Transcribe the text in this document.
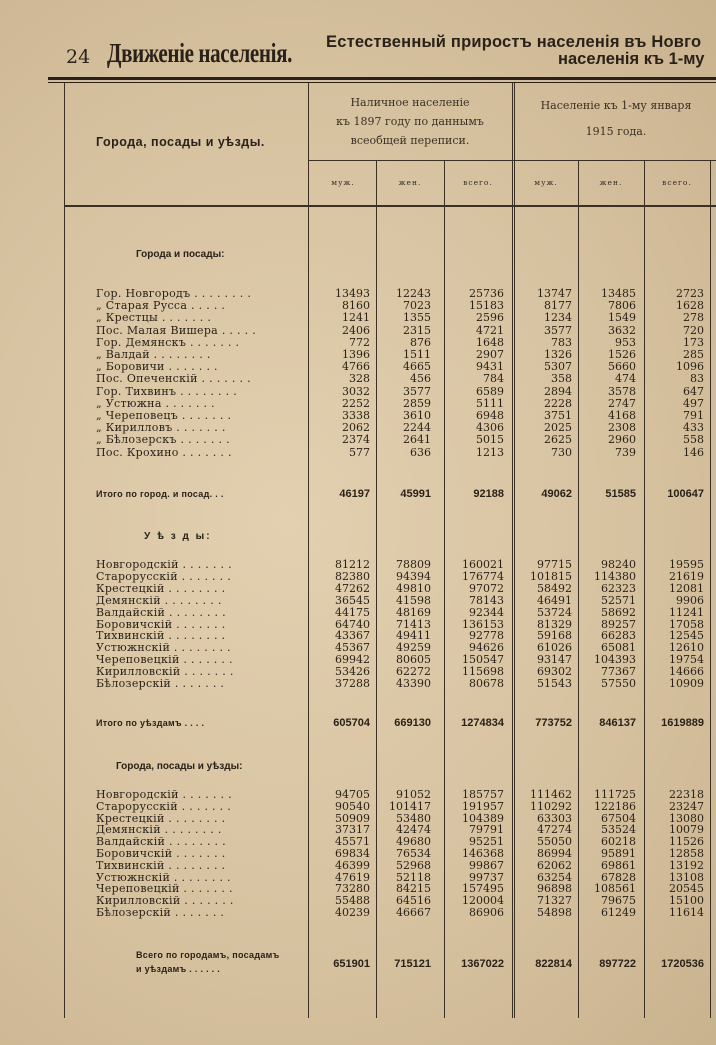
24 Движеніе населенія. Естественный приростъ населенія въ Новго
населенія къ 1-му
Города, посады и уѣзды.
Наличное населеніе
къ 1897 году по даннымъ
всеобщей переписи.
Населеніе къ 1-му января
1915 года.
муж.	жен.	всего.	муж.	жен.	всего.
Города и посады:
У ѣ з д ы:
Города, посады и уѣзды:
Гор. Новгородъ . . . . . . . .	13493	12243	25736	13747	13485	2723
„ Старая Русса . . . . .	8160	7023	15183	8177	7806	1628
„ Крестцы . . . . . . .	1241	1355	2596	1234	1549	278
Пос. Малая Вишера . . . . .	2406	2315	4721	3577	3632	720
Гор. Демянскъ . . . . . . .	772	876	1648	783	953	173
„ Валдай . . . . . . . .	1396	1511	2907	1326	1526	285
„ Боровичи . . . . . . .	4766	4665	9431	5307	5660	1096
Пос. Опеченскій . . . . . . .	328	456	784	358	474	83
Гор. Тихвинъ . . . . . . . .	3032	3577	6589	2894	3578	647
„ Устюжна . . . . . . .	2252	2859	5111	2228	2747	497
„ Череповецъ . . . . . . .	3338	3610	6948	3751	4168	791
„ Кирилловъ . . . . . . .	2062	2244	4306	2025	2308	433
„ Бѣлозерскъ . . . . . . .	2374	2641	5015	2625	2960	558
Пос. Крохино . . . . . . .	577	636	1213	730	739	146
Итого по город. и посад. . .	46197	45991	92188	49062	51585	100647
Новгородскій . . . . . . .	81212	78809	160021	97715	98240	19595
Старорусскій . . . . . . .	82380	94394	176774	101815	114380	21619
Крестецкій . . . . . . . .	47262	49810	97072	58492	62323	12081
Демянскій . . . . . . . .	36545	41598	78143	46491	52571	9906
Валдайскій . . . . . . . .	44175	48169	92344	53724	58692	11241
Боровичскій . . . . . . .	64740	71413	136153	81329	89257	17058
Тихвинскій . . . . . . . .	43367	49411	92778	59168	66283	12545
Устюжнскій . . . . . . . .	45367	49259	94626	61026	65081	12610
Череповецкій . . . . . . .	69942	80605	150547	93147	104393	19754
Кирилловскій . . . . . . .	53426	62272	115698	69302	77367	14666
Бѣлозерскій . . . . . . .	37288	43390	80678	51543	57550	10909
Итого по уѣздамъ . . . .	605704	669130	1274834	773752	846137	1619889
Новгородскій . . . . . . .	94705	91052	185757	111462	111725	22318
Старорусскій . . . . . . .	90540	101417	191957	110292	122186	23247
Крестецкій . . . . . . . .	50909	53480	104389	63303	67504	13080
Демянскій . . . . . . . .	37317	42474	79791	47274	53524	10079
Валдайскій . . . . . . . .	45571	49680	95251	55050	60218	11526
Боровичскій . . . . . . .	69834	76534	146368	86994	95891	12858
Тихвинскій . . . . . . . .	46399	52968	99867	62062	69861	13192
Устюжнскій . . . . . . . .	47619	52118	99737	63254	67828	13108
Череповецкій . . . . . . .	73280	84215	157495	96898	108561	20545
Кирилловскій . . . . . . .	55488	64516	120004	71327	79675	15100
Бѣлозерскій . . . . . . .	40239	46667	86906	54898	61249	11614
Всего по городамъ, посадамъ
и уѣздамъ . . . . . .	651901	715121	1367022	822814	897722	1720536
